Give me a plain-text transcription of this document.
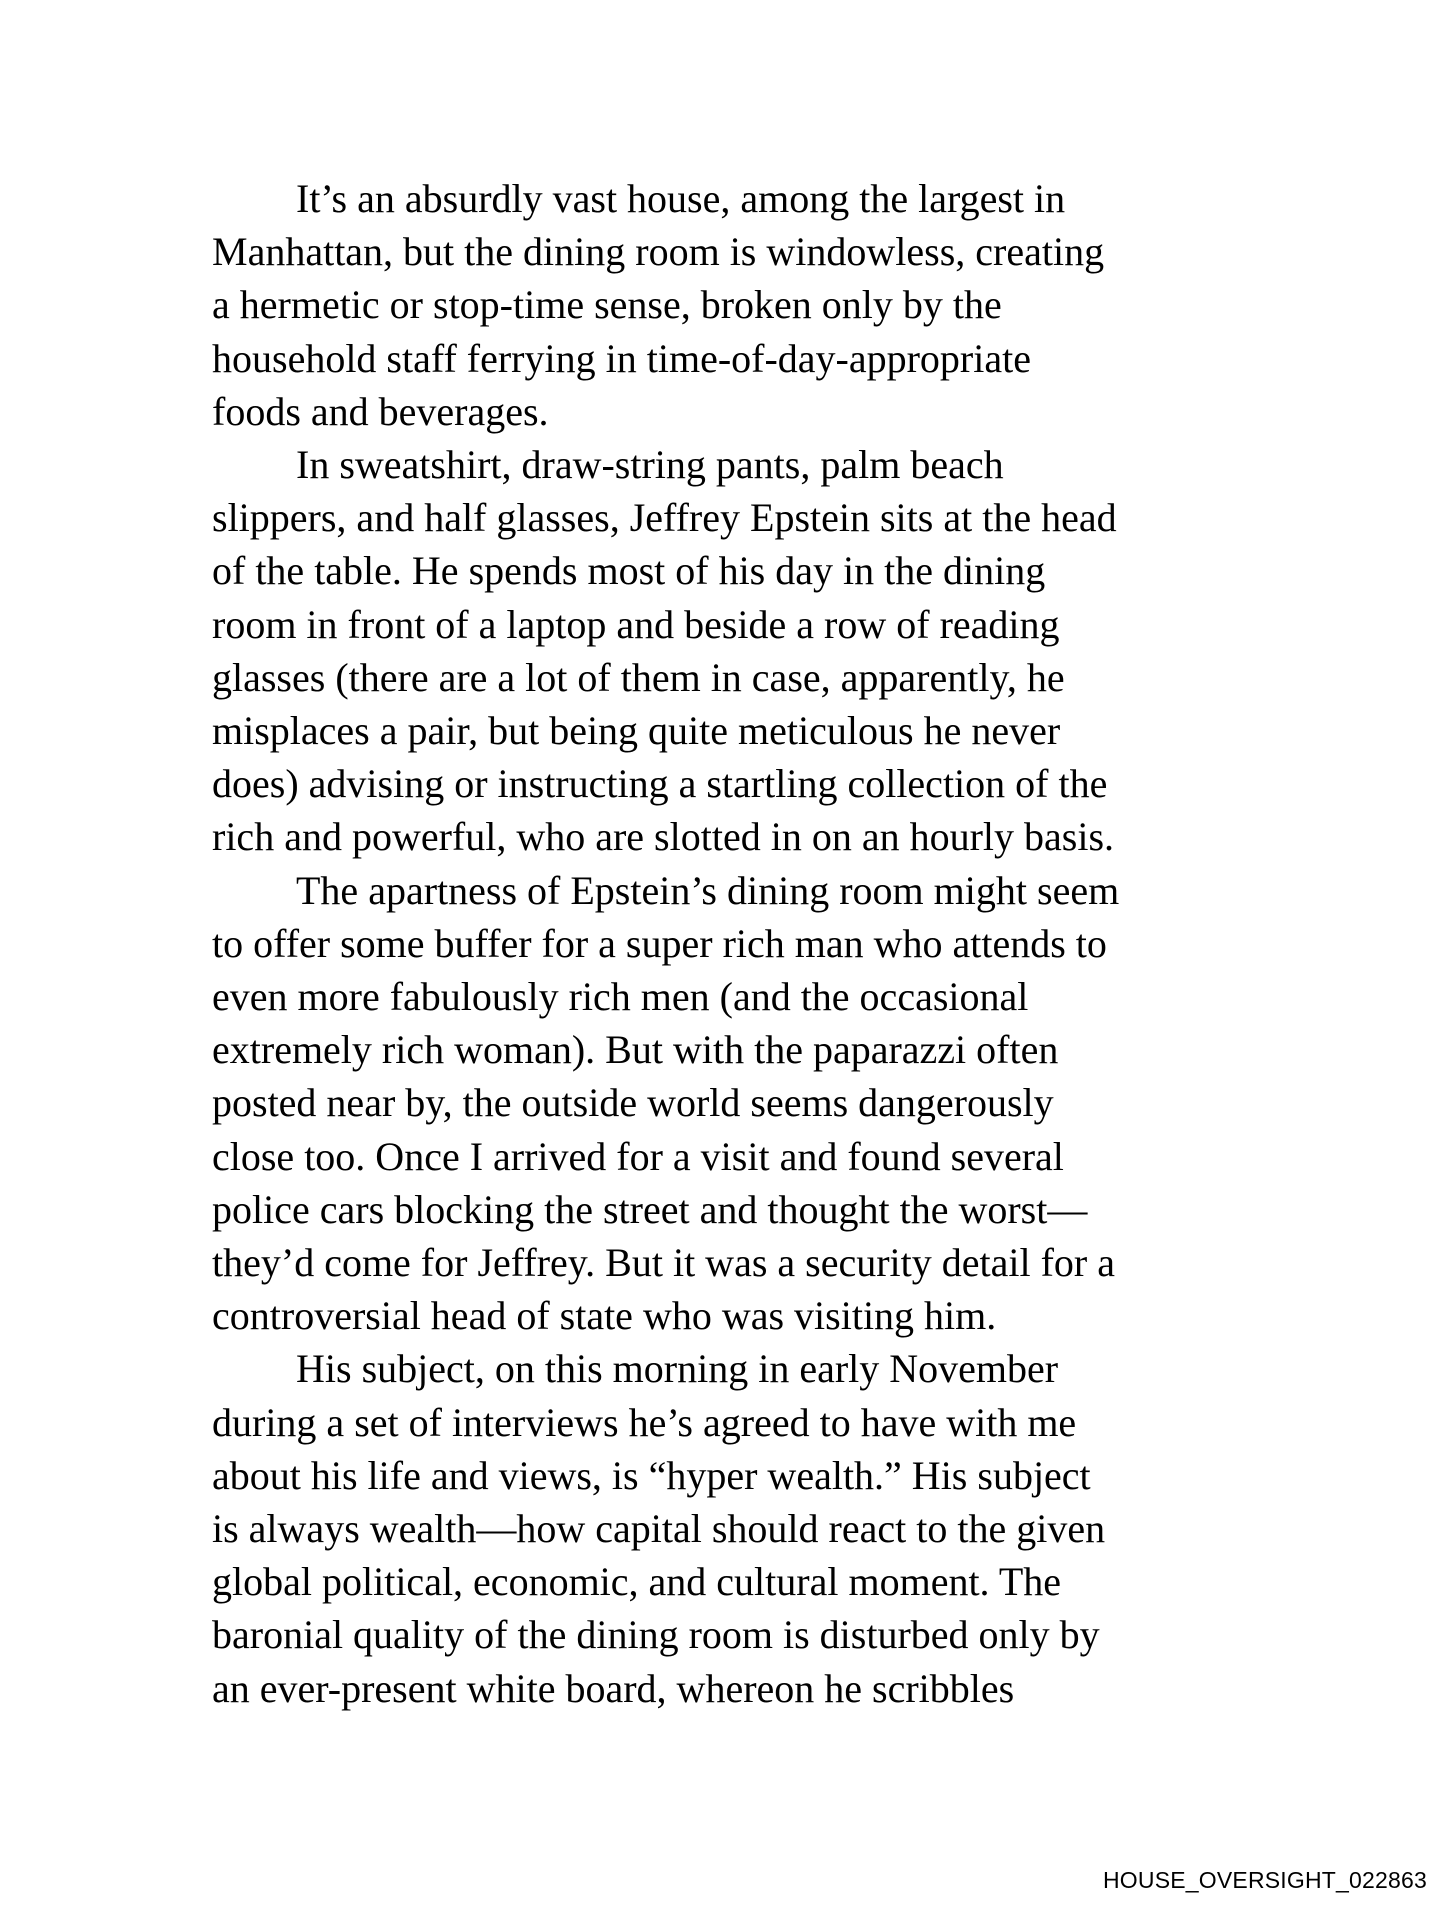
It’s an absurdly vast house, among the largest in
Manhattan, but the dining room is windowless, creating
a hermetic or stop-time sense, broken only by the
household staff ferrying in time-of-day-appropriate
foods and beverages.
In sweatshirt, draw-string pants, palm beach
slippers, and half glasses, Jeffrey Epstein sits at the head
of the table. He spends most of his day in the dining
room in front of a laptop and beside a row of reading
glasses (there are a lot of them in case, apparently, he
misplaces a pair, but being quite meticulous he never
does) advising or instructing a startling collection of the
rich and powerful, who are slotted in on an hourly basis.
The apartness of Epstein’s dining room might seem
to offer some buffer for a super rich man who attends to
even more fabulously rich men (and the occasional
extremely rich woman). But with the paparazzi often
posted near by, the outside world seems dangerously
close too. Once I arrived for a visit and found several
police cars blocking the street and thought the worst—
they’d come for Jeffrey. But it was a security detail for a
controversial head of state who was visiting him.
His subject, on this morning in early November
during a set of interviews he’s agreed to have with me
about his life and views, is “hyper wealth.” His subject
is always wealth—how capital should react to the given
global political, economic, and cultural moment. The
baronial quality of the dining room is disturbed only by
an ever-present white board, whereon he scribbles
HOUSE_OVERSIGHT_022863
